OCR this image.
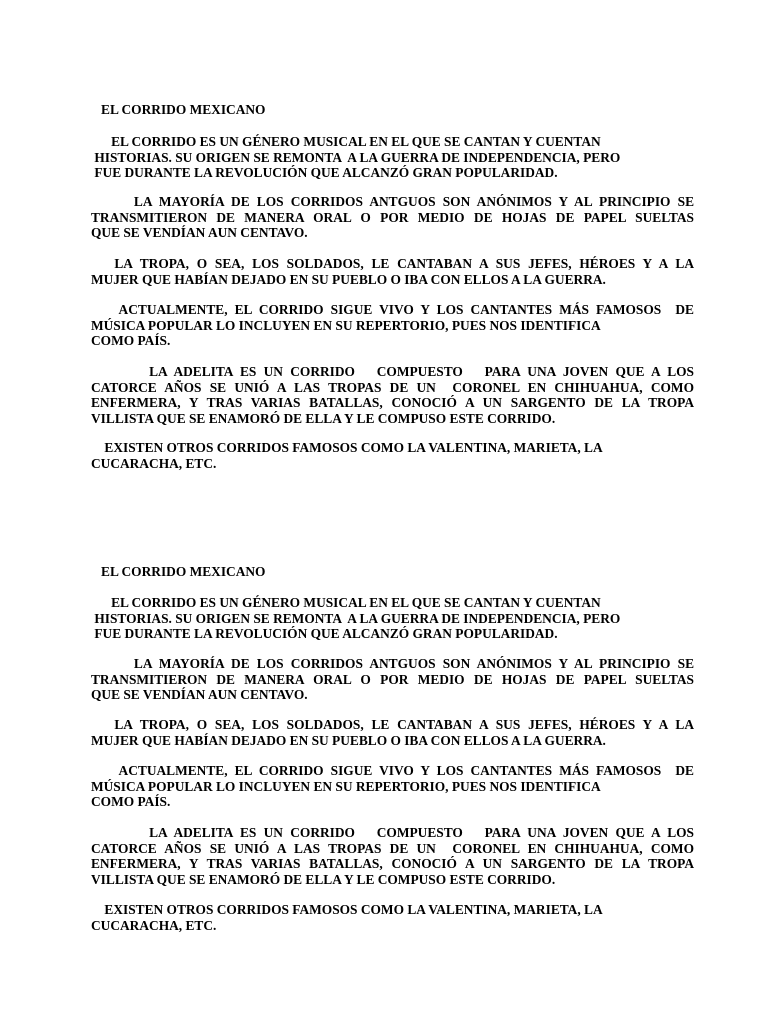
EL CORRIDO MEXICANO
EL CORRIDO ES UN GÉNERO MUSICAL EN EL QUE SE CANTAN Y CUENTAN
HISTORIAS. SU ORIGEN SE REMONTA  A LA GUERRA DE INDEPENDENCIA, PERO
FUE DURANTE LA REVOLUCIÓN QUE ALCANZÓ GRAN POPULARIDAD.
LA MAYORÍA DE LOS CORRIDOS ANTGUOS SON ANÓNIMOS Y AL PRINCIPIO SE
TRANSMITIERON DE MANERA ORAL O POR MEDIO DE HOJAS DE PAPEL SUELTAS
QUE SE VENDÍAN AUN CENTAVO.
LA TROPA, O SEA, LOS SOLDADOS, LE CANTABAN A SUS JEFES, HÉROES Y A LA
MUJER QUE HABÍAN DEJADO EN SU PUEBLO O IBA CON ELLOS A LA GUERRA.
ACTUALMENTE, EL CORRIDO SIGUE VIVO Y LOS CANTANTES MÁS FAMOSOS  DE
MÚSICA POPULAR LO INCLUYEN EN SU REPERTORIO, PUES NOS IDENTIFICA
COMO PAÍS.
LA ADELITA ES UN CORRIDO   COMPUESTO   PARA UNA JOVEN QUE A LOS
CATORCE AÑOS SE UNIÓ A LAS TROPAS DE UN  CORONEL EN CHIHUAHUA, COMO
ENFERMERA, Y TRAS VARIAS BATALLAS, CONOCIÓ A UN SARGENTO DE LA TROPA
VILLISTA QUE SE ENAMORÓ DE ELLA Y LE COMPUSO ESTE CORRIDO.
EXISTEN OTROS CORRIDOS FAMOSOS COMO LA VALENTINA, MARIETA, LA
CUCARACHA, ETC.
EL CORRIDO MEXICANO
EL CORRIDO ES UN GÉNERO MUSICAL EN EL QUE SE CANTAN Y CUENTAN
HISTORIAS. SU ORIGEN SE REMONTA  A LA GUERRA DE INDEPENDENCIA, PERO
FUE DURANTE LA REVOLUCIÓN QUE ALCANZÓ GRAN POPULARIDAD.
LA MAYORÍA DE LOS CORRIDOS ANTGUOS SON ANÓNIMOS Y AL PRINCIPIO SE
TRANSMITIERON DE MANERA ORAL O POR MEDIO DE HOJAS DE PAPEL SUELTAS
QUE SE VENDÍAN AUN CENTAVO.
LA TROPA, O SEA, LOS SOLDADOS, LE CANTABAN A SUS JEFES, HÉROES Y A LA
MUJER QUE HABÍAN DEJADO EN SU PUEBLO O IBA CON ELLOS A LA GUERRA.
ACTUALMENTE, EL CORRIDO SIGUE VIVO Y LOS CANTANTES MÁS FAMOSOS  DE
MÚSICA POPULAR LO INCLUYEN EN SU REPERTORIO, PUES NOS IDENTIFICA
COMO PAÍS.
LA ADELITA ES UN CORRIDO   COMPUESTO   PARA UNA JOVEN QUE A LOS
CATORCE AÑOS SE UNIÓ A LAS TROPAS DE UN  CORONEL EN CHIHUAHUA, COMO
ENFERMERA, Y TRAS VARIAS BATALLAS, CONOCIÓ A UN SARGENTO DE LA TROPA
VILLISTA QUE SE ENAMORÓ DE ELLA Y LE COMPUSO ESTE CORRIDO.
EXISTEN OTROS CORRIDOS FAMOSOS COMO LA VALENTINA, MARIETA, LA
CUCARACHA, ETC.
